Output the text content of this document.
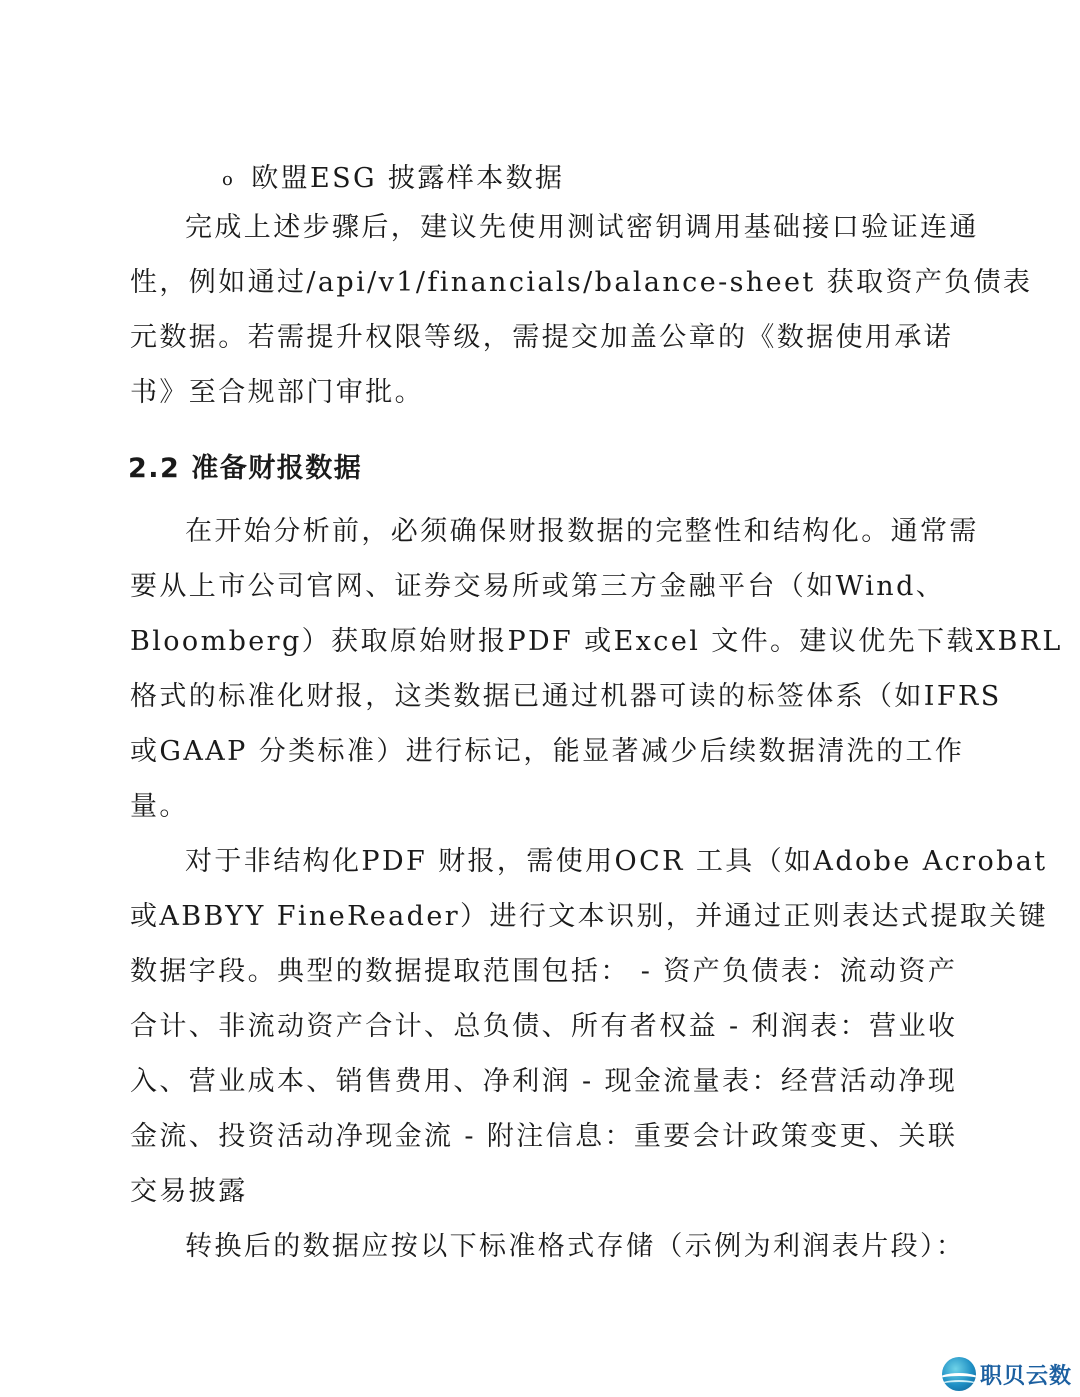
o 欧盟ESG 披露样本数据
完成上述步骤后，建议先使用测试密钥调用基础接口验证连通
性，例如通过/api/v1/financials/balance-sheet 获取资产负债表
元数据。若需提升权限等级，需提交加盖公章的《数据使用承诺
书》至合规部门审批。
2.2 准备财报数据
在开始分析前，必须确保财报数据的完整性和结构化。通常需
要从上市公司官网、证券交易所或第三方金融平台（如Wind、
Bloomberg）获取原始财报PDF 或Excel 文件。建议优先下载XBRL
格式的标准化财报，这类数据已通过机器可读的标签体系（如IFRS
或GAAP 分类标准）进行标记，能显著减少后续数据清洗的工作
量。
对于非结构化PDF 财报，需使用OCR 工具（如Adobe Acrobat
或ABBYY FineReader）进行文本识别，并通过正则表达式提取关键
数据字段。典型的数据提取范围包括： - 资产负债表：流动资产
合计、非流动资产合计、总负债、所有者权益 - 利润表：营业收
入、营业成本、销售费用、净利润 - 现金流量表：经营活动净现
金流、投资活动净现金流 - 附注信息：重要会计政策变更、关联
交易披露
转换后的数据应按以下标准格式存储（示例为利润表片段）：
职贝云数
